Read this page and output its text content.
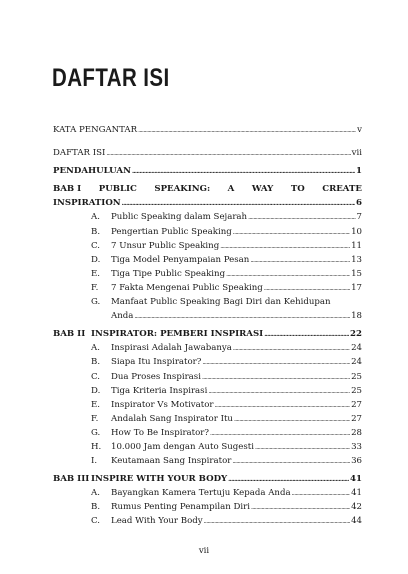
DAFTAR ISI
KATA PENGANTAR .....	v
DAFTAR ISI .....	vii
PENDAHULUAN .....	1
BAB I PUBLIC SPEAKING: A WAY TO CREATE
INSPIRATION .....	6
A. Public Speaking dalam Sejarah .....	7
B. Pengertian Public Speaking .....	10
C. 7 Unsur Public Speaking .....	11
D. Tiga Model Penyampaian Pesan .....	13
E. Tiga Tipe Public Speaking .....	15
F. 7 Fakta Mengenai Public Speaking .....	17
G. Manfaat Public Speaking Bagi Diri dan Kehidupan
Anda .....	18
BAB II INSPIRATOR: PEMBERI INSPIRASI .....	22
A. Inspirasi Adalah Jawabanya .....	24
B. Siapa Itu Inspirator? .....	24
C. Dua Proses Inspirasi .....	25
D. Tiga Kriteria Inspirasi .....	25
E. Inspirator Vs Motivator .....	27
F. Andalah Sang Inspirator Itu .....	27
G. How To Be Inspirator? .....	28
H. 10.000 Jam dengan Auto Sugesti .....	33
I. Keutamaan Sang Inspirator .....	36
BAB III INSPIRE WITH YOUR BODY .....	41
A. Bayangkan Kamera Tertuju Kepada Anda .....	41
B. Rumus Penting Penampilan Diri .....	42
C. Lead With Your Body .....	44
vii
